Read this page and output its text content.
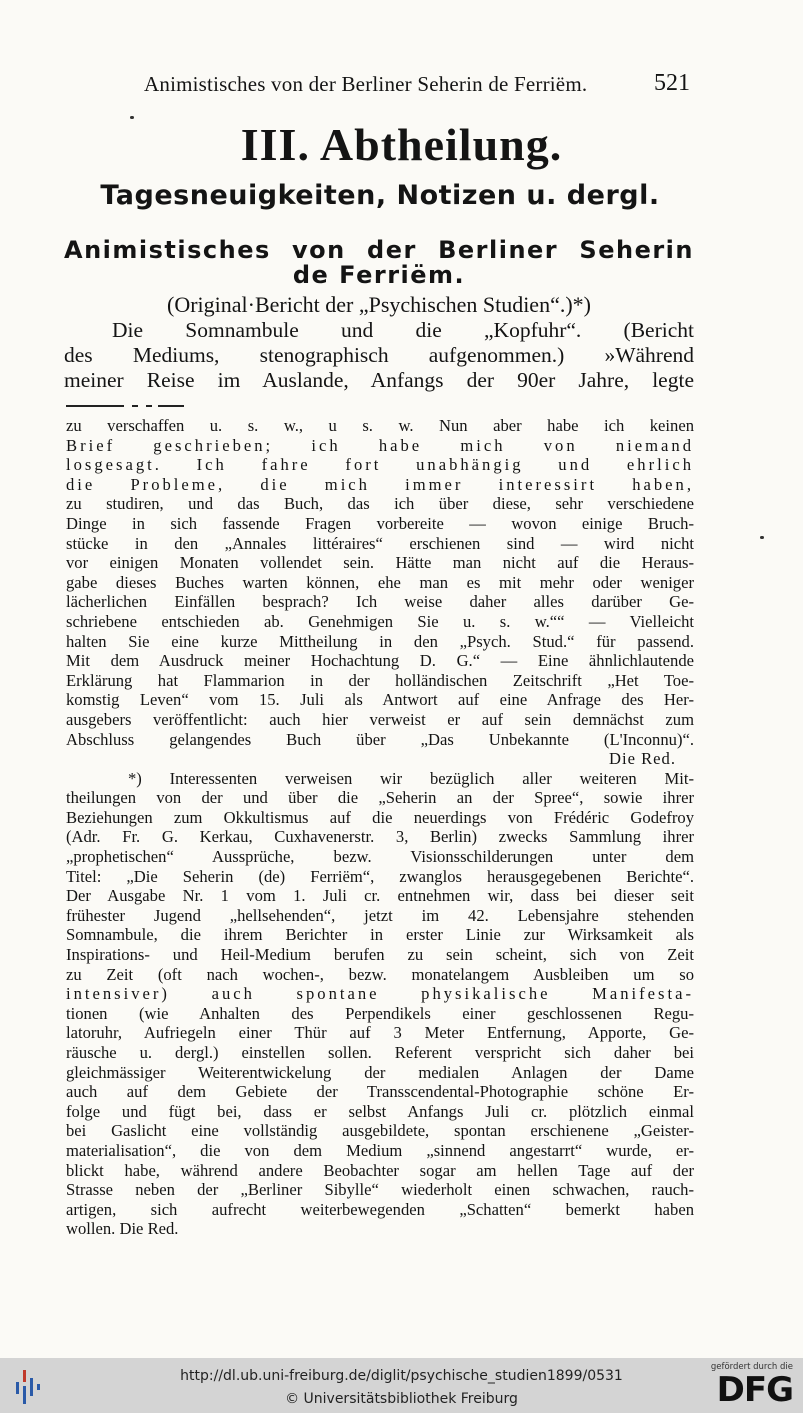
Animistisches von der Berliner Seherin de Ferriëm.	521
III. Abtheilung.
Tagesneuigkeiten, Notizen u. dergl.
Animistisches von der Berliner Seherin
de Ferriëm.
(Original·Bericht der „Psychischen Studien“.)*)
Die Somnambule und die „Kopfuhr“. (Bericht
des Mediums, stenographisch aufgenommen.) »Während
meiner Reise im Auslande, Anfangs der 90er Jahre, legte
zu verschaffen u. s. w., u s. w. Nun aber habe ich keinen
Brief geschrieben; ich habe mich von niemand
losgesagt. Ich fahre fort unabhängig und ehrlich
die Probleme, die mich immer interessirt haben,
zu studiren, und das Buch, das ich über diese, sehr verschiedene
Dinge in sich fassende Fragen vorbereite — wovon einige Bruch-
stücke in den „Annales littéraires“ erschienen sind — wird nicht
vor einigen Monaten vollendet sein. Hätte man nicht auf die Heraus-
gabe dieses Buches warten können, ehe man es mit mehr oder weniger
lächerlichen Einfällen besprach? Ich weise daher alles darüber Ge-
schriebene entschieden ab. Genehmigen Sie u. s. w.““ — Vielleicht
halten Sie eine kurze Mittheilung in den „Psych. Stud.“ für passend.
Mit dem Ausdruck meiner Hochachtung D. G.“ — Eine ähnlichlautende
Erklärung hat Flammarion in der holländischen Zeitschrift „Het Toe-
komstig Leven“ vom 15. Juli als Antwort auf eine Anfrage des Her-
ausgebers veröffentlicht: auch hier verweist er auf sein demnächst zum
Abschluss gelangendes Buch über „Das Unbekannte (L'Inconnu)“.
Die Red.
*) Interessenten verweisen wir bezüglich aller weiteren Mit-
theilungen von der und über die „Seherin an der Spree“, sowie ihrer
Beziehungen zum Okkultismus auf die neuerdings von Frédéric Godefroy
(Adr. Fr. G. Kerkau, Cuxhavenerstr. 3, Berlin) zwecks Sammlung ihrer
„prophetischen“ Aussprüche, bezw. Visionsschilderungen unter dem
Titel: „Die Seherin (de) Ferriëm“, zwanglos herausgegebenen Berichte“.
Der Ausgabe Nr. 1 vom 1. Juli cr. entnehmen wir, dass bei dieser seit
frühester Jugend „hellsehenden“, jetzt im 42. Lebensjahre stehenden
Somnambule, die ihrem Berichter in erster Linie zur Wirksamkeit als
Inspirations- und Heil-Medium berufen zu sein scheint, sich von Zeit
zu Zeit (oft nach wochen-, bezw. monatelangem Ausbleiben um so
intensiver) auch spontane physikalische Manifesta-
tionen (wie Anhalten des Perpendikels einer geschlossenen Regu-
latoruhr, Aufriegeln einer Thür auf 3 Meter Entfernung, Apporte, Ge-
räusche u. dergl.) einstellen sollen. Referent verspricht sich daher bei
gleichmässiger Weiterentwickelung der medialen Anlagen der Dame
auch auf dem Gebiete der Transscendental-Photographie schöne Er-
folge und fügt bei, dass er selbst Anfangs Juli cr. plötzlich einmal
bei Gaslicht eine vollständig ausgebildete, spontan erschienene „Geister-
materialisation“, die von dem Medium „sinnend angestarrt“ wurde, er-
blickt habe, während andere Beobachter sogar am hellen Tage auf der
Strasse neben der „Berliner Sibylle“ wiederholt einen schwachen, rauch-
artigen, sich aufrecht weiterbewegenden „Schatten“ bemerkt haben
wollen. Die Red.
http://dl.ub.uni-freiburg.de/diglit/psychische_studien1899/0531
© Universitätsbibliothek Freiburg
gefördert durch die
DFG
